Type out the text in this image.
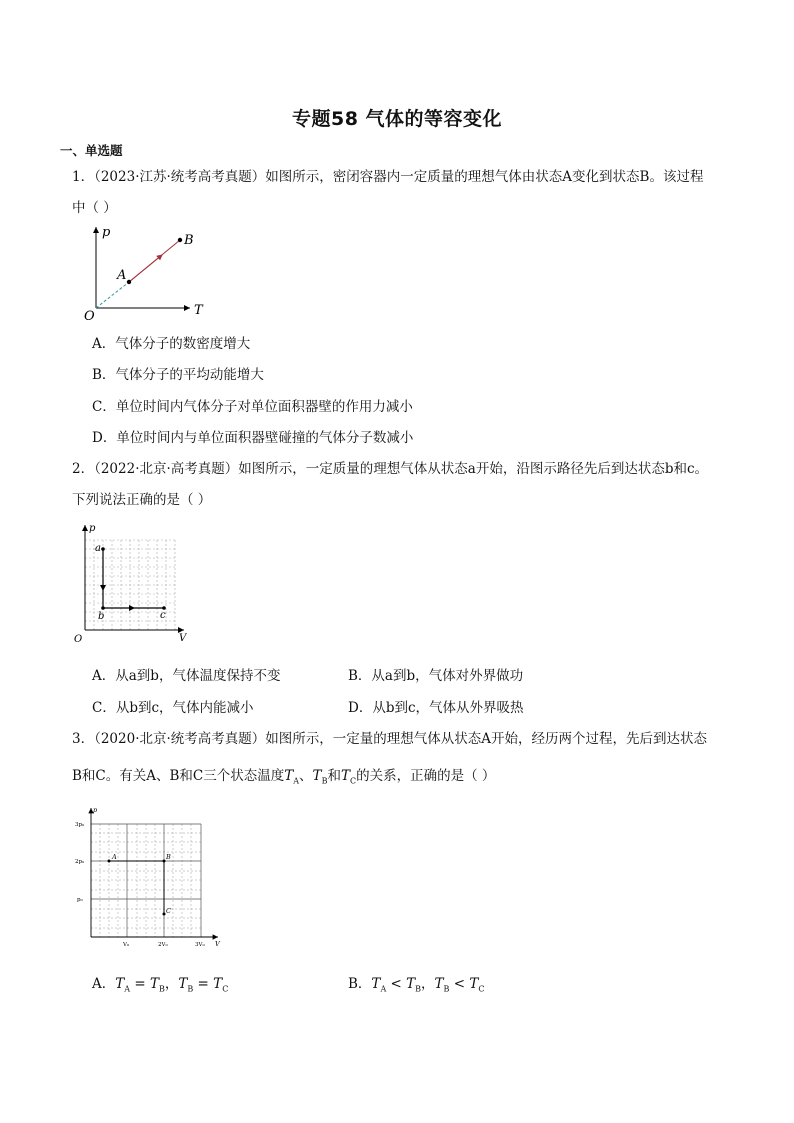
专题58 气体的等容变化
一、单选题
1．（2023·江苏·统考高考真题）如图所示，密闭容器内一定质量的理想气体由状态A变化到状态B。该过程
中（ ）
p
T
O
A
B
A．气体分子的数密度增大
B．气体分子的平均动能增大
C．单位时间内气体分子对单位面积器壁的作用力减小
D．单位时间内与单位面积器壁碰撞的气体分子数减小
2．（2022·北京·高考真题）如图所示，一定质量的理想气体从状态a开始，沿图示路径先后到达状态b和c。
下列说法正确的是（ ）
p
V
O
a
b	c
A．从a到b，气体温度保持不变	B．从a到b，气体对外界做功
C．从b到c，气体内能减小	D．从b到c，气体从外界吸热
3．（2020·北京·统考高考真题）如图所示，一定量的理想气体从状态A开始，经历两个过程，先后到达状态
B和C。有关A、B和C三个状态温度$T_A$、$T_B$和$T_C$的关系，正确的是（ ）
A	B
C
p
V
3p₀
2p₀
p₀
V₀	2V₀	3V₀
A．$T_A = T_B$，$T_B = T_C$	B．$T_A < T_B$，$T_B < T_C$
